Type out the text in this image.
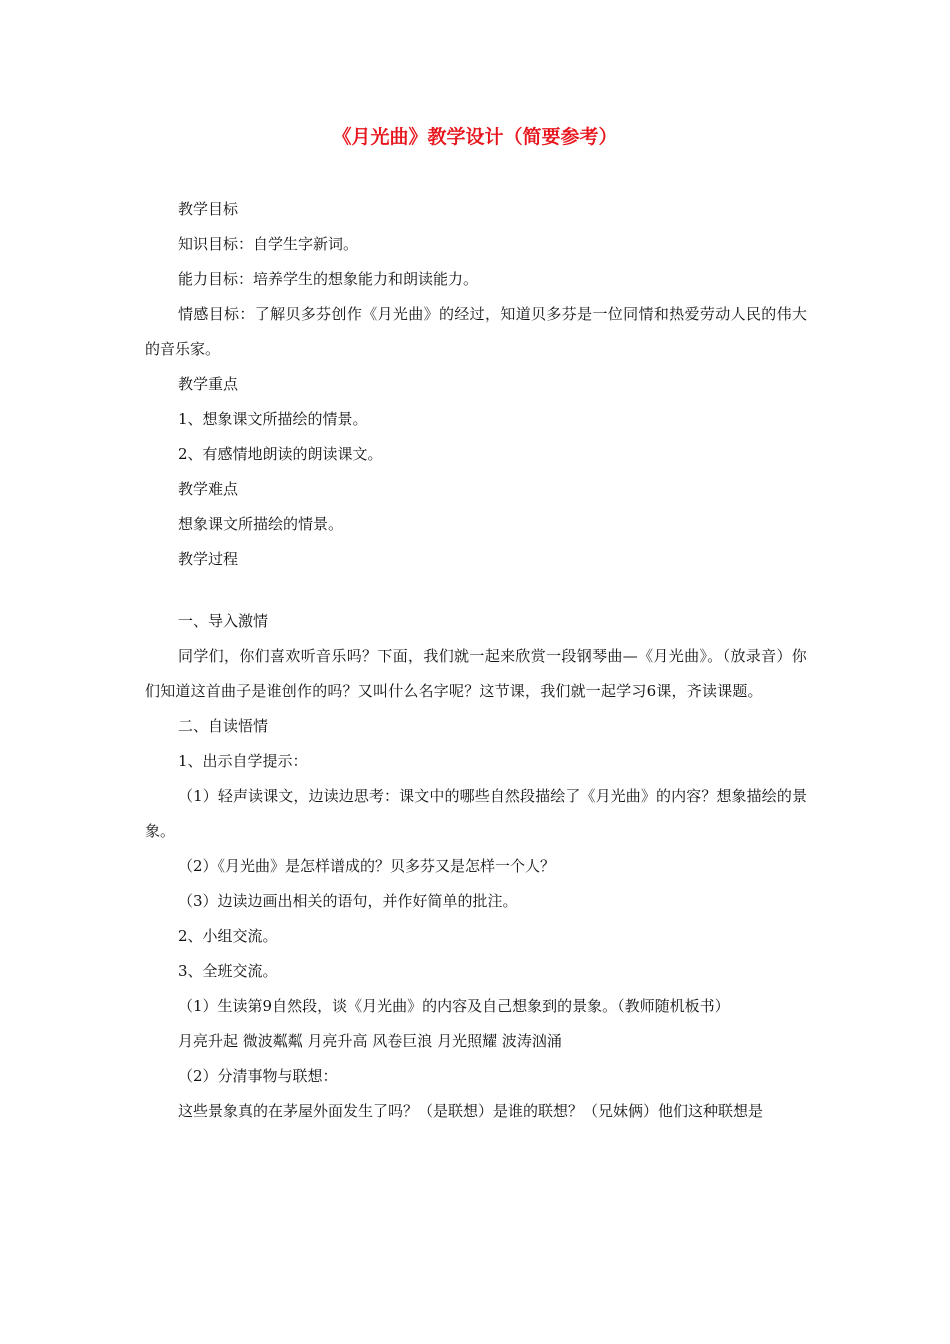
《月光曲》教学设计（简要参考）

教学目标

知识目标：自学生字新词。

能力目标：培养学生的想象能力和朗读能力。

情感目标：了解贝多芬创作《月光曲》的经过，知道贝多芬是一位同情和热爱劳动人民的伟大的音乐家。

教学重点

1、想象课文所描绘的情景。

2、有感情地朗读的朗读课文。

教学难点

想象课文所描绘的情景。

教学过程

一、导入激情

同学们，你们喜欢听音乐吗？下面，我们就一起来欣赏一段钢琴曲—《月光曲》。（放录音）你们知道这首曲子是谁创作的吗？又叫什么名字呢？这节课，我们就一起学习6课，齐读课题。

二、自读悟情

1、出示自学提示：

（1）轻声读课文，边读边思考：课文中的哪些自然段描绘了《月光曲》的内容？想象描绘的景象。

（2）《月光曲》是怎样谱成的？贝多芬又是怎样一个人？

（3）边读边画出相关的语句，并作好简单的批注。

2、小组交流。

3、全班交流。

（1）生读第9自然段，谈《月光曲》的内容及自己想象到的景象。（教师随机板书）

月亮升起 微波粼粼 月亮升高 风卷巨浪 月光照耀 波涛汹涌

（2）分清事物与联想：

这些景象真的在茅屋外面发生了吗？（是联想）是谁的联想？（兄妹俩）他们这种联想是
